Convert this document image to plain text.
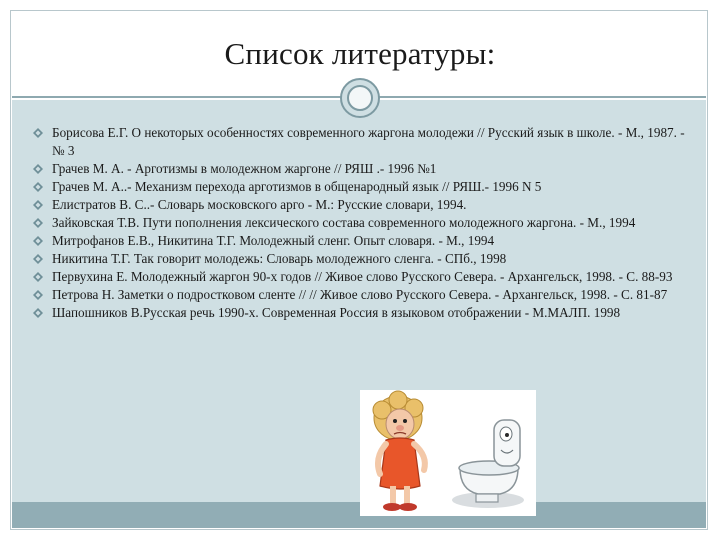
Список литературы:
Борисова Е.Г. О некоторых особенностях современного жаргона молодежи // Русский язык в школе. - М., 1987. - № 3
Грачев М. А. - Арготизмы в молодежном жаргоне // РЯШ .- 1996 №1
Грачев М. А..- Механизм перехода арготизмов в общенародный язык // РЯШ.- 1996 N 5
Елистратов В. С..- Словарь московского арго - М.: Русские словари, 1994.
Зайковская Т.В. Пути пополнения лексического состава современного молодежного жаргона. - М., 1994
Митрофанов Е.В., Никитина Т.Г. Молодежный сленг. Опыт словаря. - М., 1994
Никитина Т.Г. Так говорит молодежь: Словарь молодежного сленга. - СПб., 1998
Первухина Е. Молодежный жаргон 90-х годов // Живое слово Русского Севера. - Архангельск, 1998. - С. 88-93
Петрова Н. Заметки о подростковом сленте // // Живое слово Русского Севера. - Архангельск, 1998. - С. 81-87
Шапошников В.Русская речь 1990-х. Современная Россия в языковом отображении - М.МАЛП. 1998
